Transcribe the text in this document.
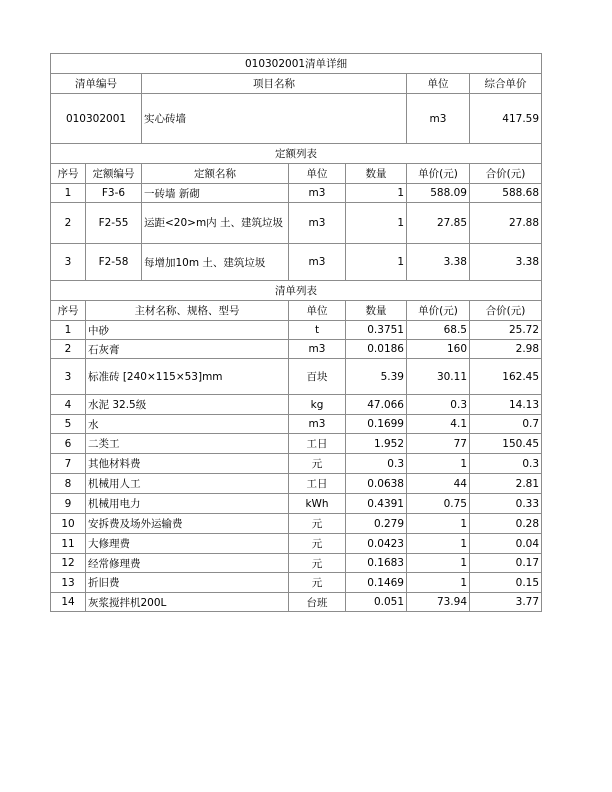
010302001清单详细						
清单编号		项目名称			单位	综合单价
010302001		实心砖墙			m3	417.59
定额列表						
序号	定额编号	定额名称	单位	数量	单价(元)	合价(元)
1	F3-6	一砖墙 新砌	m3	1	588.09	588.68
2	F2-55	运距<20>m内 土、建筑垃圾	m3	1	27.85	27.88
3	F2-58	每增加10m 土、建筑垃圾	m3	1	3.38	3.38
清单列表						
序号	主材名称、规格、型号		单位	数量	单价(元)	合价(元)
1	中砂		t	0.3751	68.5	25.72
2	石灰膏		m3	0.0186	160	2.98
3	标准砖 [240×115×53]mm		百块	5.39	30.11	162.45
4	水泥 32.5级		kg	47.066	0.3	14.13
5	水		m3	0.1699	4.1	0.7
6	二类工		工日	1.952	77	150.45
7	其他材料费		元	0.3	1	0.3
8	机械用人工		工日	0.0638	44	2.81
9	机械用电力		kWh	0.4391	0.75	0.33
10	安拆费及场外运输费		元	0.279	1	0.28
11	大修理费		元	0.0423	1	0.04
12	经常修理费		元	0.1683	1	0.17
13	折旧费		元	0.1469	1	0.15
14	灰浆搅拌机200L		台班	0.051	73.94	3.77
